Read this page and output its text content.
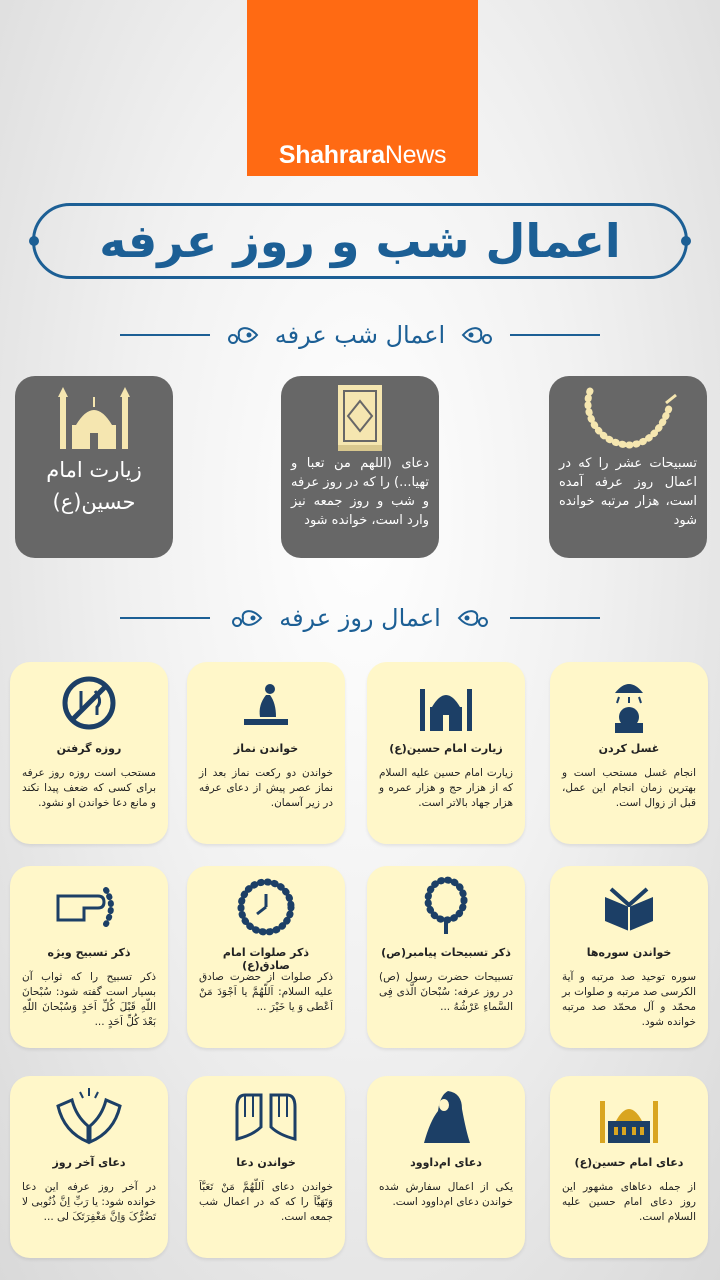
ShahraraNews
اعمال شب و روز عرفه
اعمال شب عرفه
تسبیحات عشر را که در اعمال روز عرفه آمده است، هزار مرتبه خوانده شود
دعای (اللهم من تعبا و تهیا...) را که در روز عرفه و شب و روز جمعه نیز وارد است، خوانده شود
زیارت امام حسین(ع)
اعمال روز عرفه
غسل کردن
انجام غسل مستحب است و بهترین زمان انجام این عمل، قبل از زوال است.
زیارت امام حسین(ع)
زیارت امام حسین علیه السلام که از هزار حج و هزار عمره و هزار جهاد بالاتر است.
خواندن نماز
خواندن دو رکعت نماز بعد از نماز عصر پیش از دعای عرفه در زیر آسمان.
روزه گرفتن
مستحب است روزه روز عرفه برای کسی که ضعف پیدا نکند و مانع دعا خواندن او نشود.
خواندن سوره‌ها
سوره توحید صد مرتبه و آیة الکرسی صد مرتبه و صلوات بر محمّد و آل محمّد صد مرتبه خوانده شود.
ذکر تسبیحات پیامبر(ص)
تسبیحات حضرت رسول (ص) در روز عرفه: سُبْحانَ الَّذی فِی السَّماءِ عَرْشُهُ ...
ذکر صلوات امام صادق(ع)
ذکر صلوات از حضرت صادق علیه السلام: اَللّهُمَّ یا اَجْوَدَ مَنْ اَعْطی وَ یا خَیْرَ ...
ذکر تسبیح ویژه
ذکر تسبیح را که ثواب آن بسیار است گفته شود: سُبْحانَ اللّهِ قَبْلَ کُلِّ اَحَدٍ وَسُبْحانَ اللّهِ بَعْدَ کُلِّ اَحَدٍ ...
دعای امام حسین(ع)
از جمله دعاهای مشهور این روز دعای امام حسین علیه السلام است.
دعای ام‌داوود
یکی از اعمال سفارش شده خواندن دعای ام‌داوود است.
خواندن دعا
خواندن دعای اَللّهُمَّ مَنْ تَعَبَّاَ وَتَهَیَّاَ را که که در اعمال شب جمعه است.
دعای آخر روز
در آخر روز عرفه این دعا خوانده شود: یا رَبِّ اِنَّ ذُنُوبی لا تَضُرُّکَ وَاِنَّ مَغْفِرَتَکَ لی ...
